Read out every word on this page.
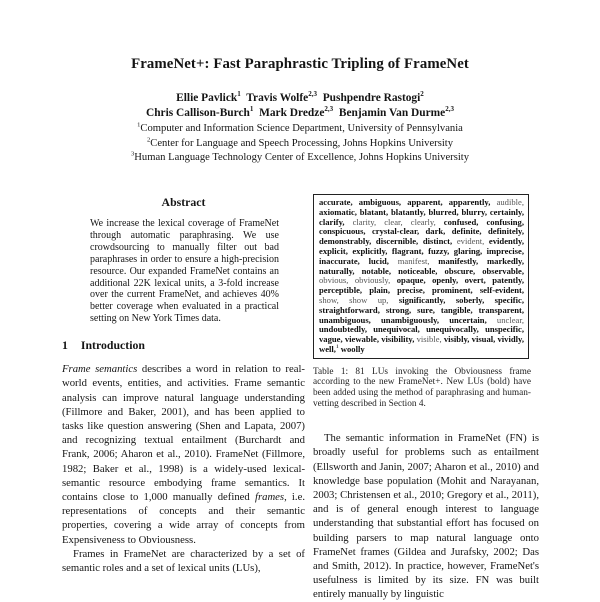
FrameNet+: Fast Paraphrastic Tripling of FrameNet
Ellie Pavlick$^1$ Travis Wolfe$^{2,3}$ Pushpendre Rastogi$^2$
Chris Callison-Burch$^1$ Mark Dredze$^{2,3}$ Benjamin Van Durme$^{2,3}$
$^1$Computer and Information Science Department, University of Pennsylvania
$^2$Center for Language and Speech Processing, Johns Hopkins University
$^3$Human Language Technology Center of Excellence, Johns Hopkins University
Abstract

We increase the lexical coverage of FrameNet through automatic paraphrasing. We use crowdsourcing to manually filter out bad paraphrases in order to ensure a high-precision resource. Our expanded FrameNet contains an additional 22K lexical units, a 3-fold increase over the current FrameNet, and achieves 40% better coverage when evaluated in a practical setting on New York Times data.

1 Introduction

Frame semantics describes a word in relation to real-world events, entities, and activities. Frame semantic analysis can improve natural language understanding (Fillmore and Baker, 2001), and has been applied to tasks like question answering (Shen and Lapata, 2007) and recognizing textual entailment (Burchardt and Frank, 2006; Aharon et al., 2010). FrameNet (Fillmore, 1982; Baker et al., 1998) is a widely-used lexical-semantic resource embodying frame semantics. It contains close to 1,000 manually defined frames, i.e. representations of concepts and their semantic properties, covering a wide array of concepts from Expensiveness to Obviousness.

Frames in FrameNet are characterized by a set of semantic roles and a set of lexical units (LUs),

accurate, ambiguous, apparent, apparently, audible, axiomatic, blatant, blatantly, blurred, blurry, certainly, clarify, clarity, clear, clearly, confused, confusing, conspicuous, crystal-clear, dark, definite, definitely, demonstrably, discernible, distinct, evident, evidently, explicit, explicitly, flagrant, fuzzy, glaring, imprecise, inaccurate, lucid, manifest, manifestly, markedly, naturally, notable, noticeable, obscure, observable, obvious, obviously, opaque, openly, overt, patently, perceptible, plain, precise, prominent, self-evident, show, show up, significantly, soberly, specific, straightforward, strong, sure, tangible, transparent, unambiguous, unambiguously, uncertain, unclear, undoubtedly, unequivocal, unequivocally, unspecific, vague, viewable, visibility, visible, visibly, visual, vividly, well,$^1$ woolly
Table 1: 81 LUs invoking the Obviousness frame according to the new FrameNet+. New LUs (bold) have been added using the method of paraphrasing and human-vetting described in Section 4.

The semantic information in FrameNet (FN) is broadly useful for problems such as entailment (Ellsworth and Janin, 2007; Aharon et al., 2010) and knowledge base population (Mohit and Narayanan, 2003; Christensen et al., 2010; Gregory et al., 2011), and is of general enough interest to language understanding that substantial effort has focused on building parsers to map natural language onto FrameNet frames (Gildea and Jurafsky, 2002; Das and Smith, 2012). In practice, however, FrameNet's usefulness is limited by its size. FN was built entirely manually by linguistic
